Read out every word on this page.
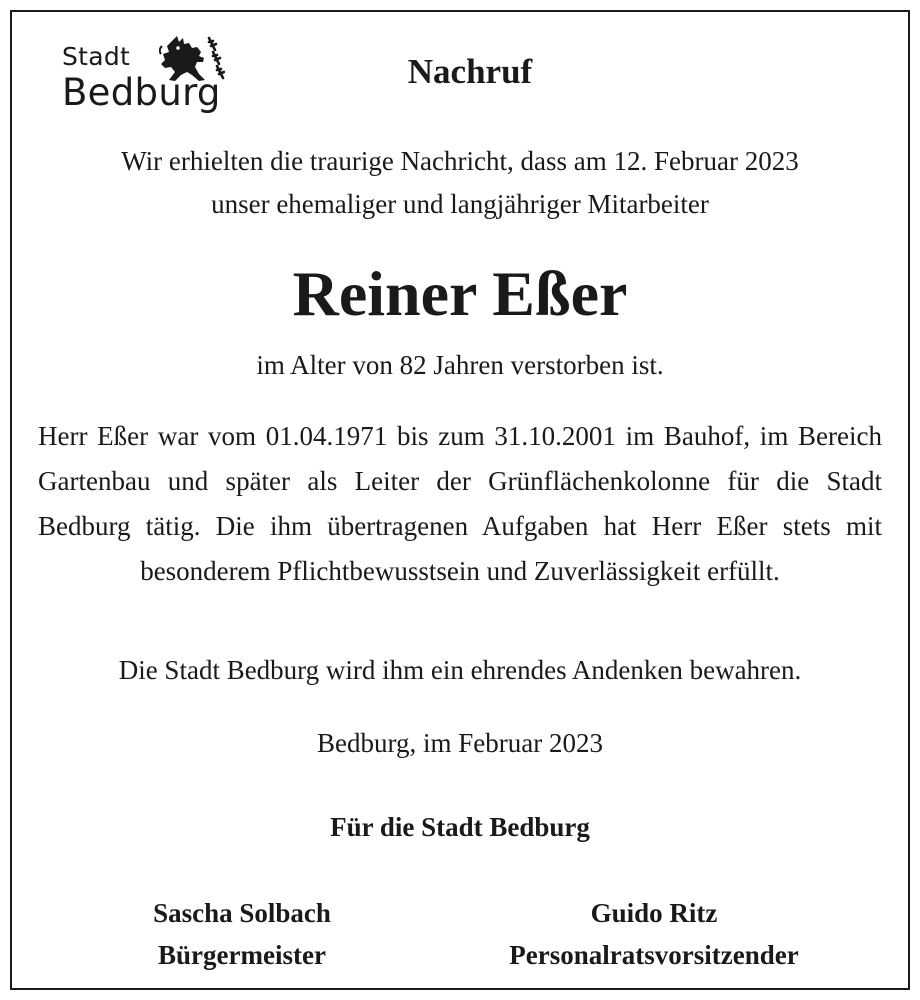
Stadt
Bedburg	Nachruf
Wir erhielten die traurige Nachricht, dass am 12. Februar 2023
unser ehemaliger und langjähriger Mitarbeiter
Reiner Eßer
im Alter von 82 Jahren verstorben ist.
Herr Eßer war vom 01.04.1971 bis zum 31.10.2001 im Bauhof, im Bereich Gartenbau und später als Leiter der Grünflächenkolonne für die Stadt Bedburg tätig. Die ihm übertragenen Aufgaben hat Herr Eßer stets mit besonderem Pflichtbewusstsein und Zuverlässigkeit erfüllt.
Die Stadt Bedburg wird ihm ein ehrendes Andenken bewahren.
Bedburg, im Februar 2023
Für die Stadt Bedburg
Sascha Solbach
Bürgermeister
Guido Ritz
Personalratsvorsitzender
